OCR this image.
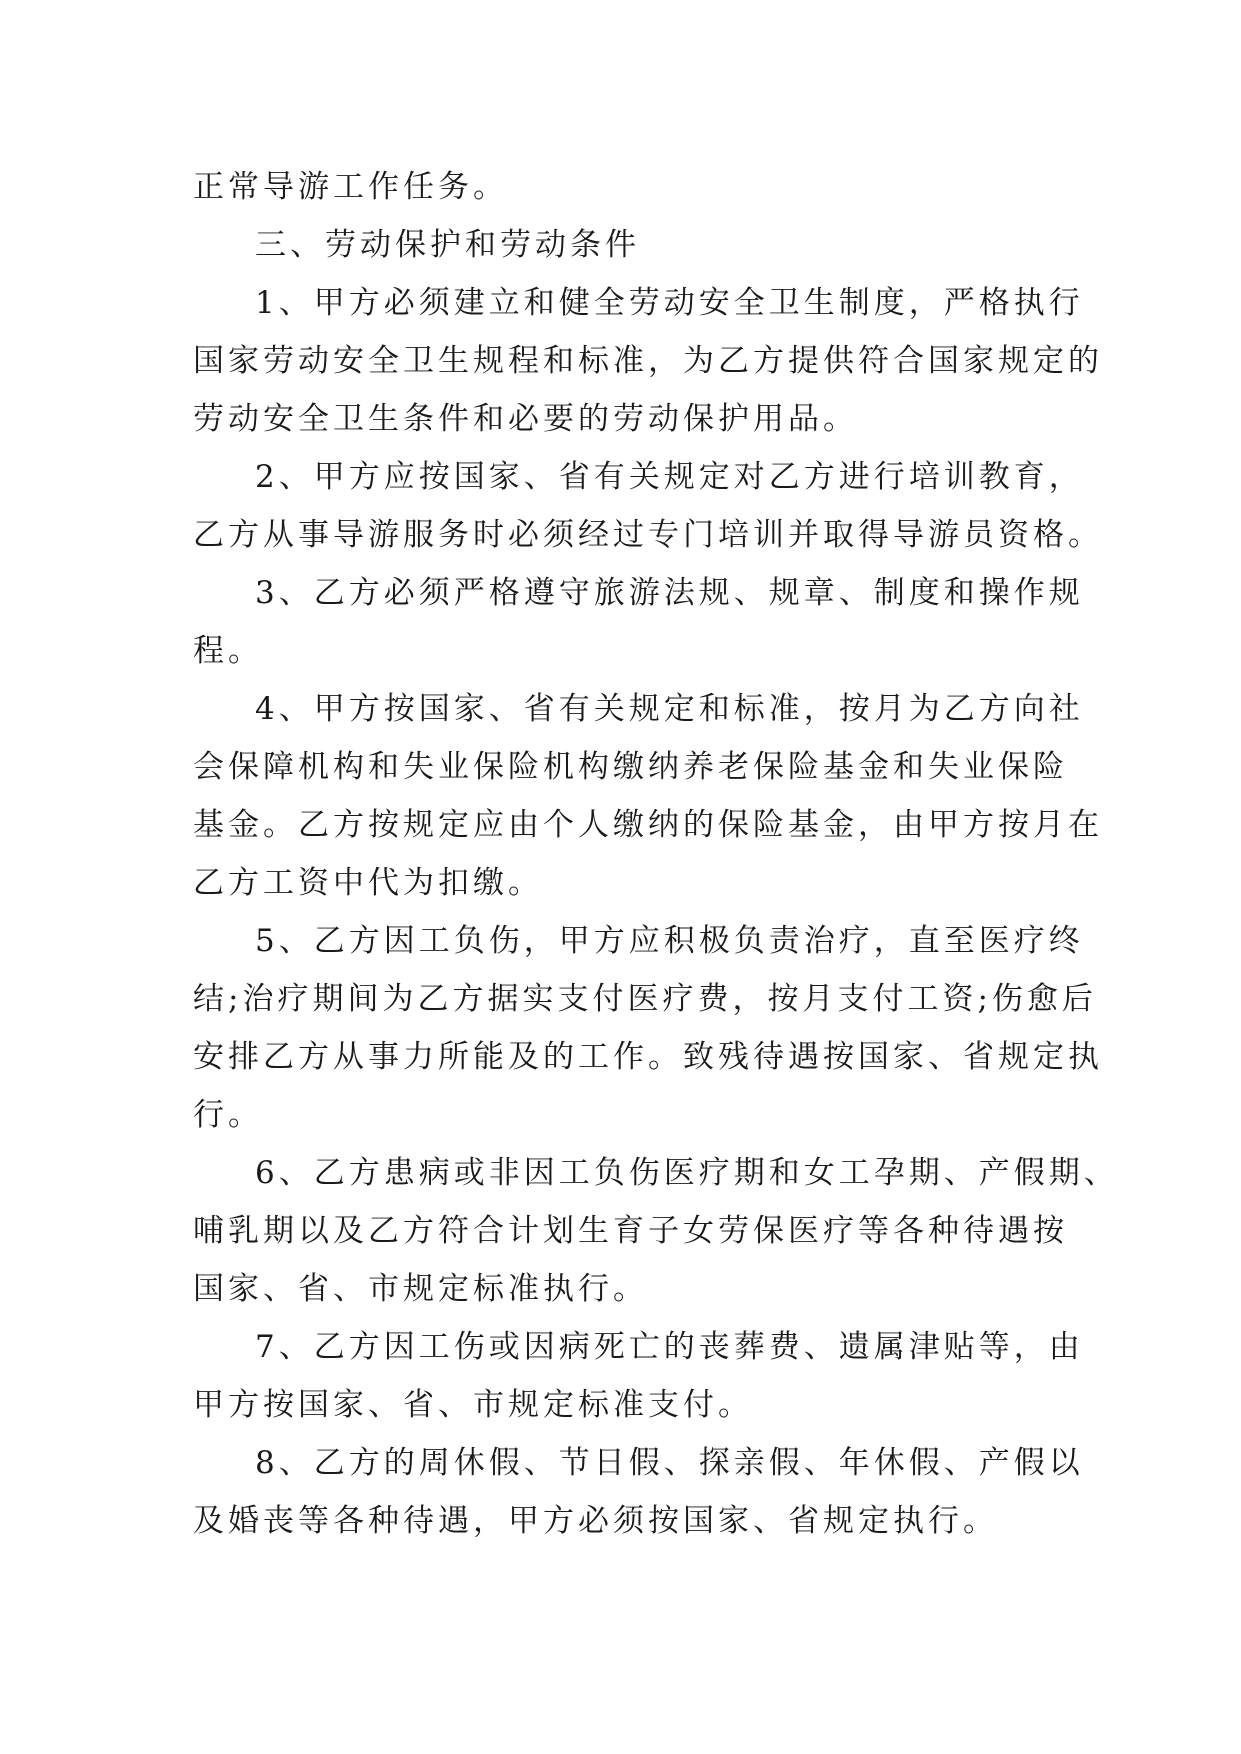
正常导游工作任务。
三、劳动保护和劳动条件
1、甲方必须建立和健全劳动安全卫生制度，严格执行
国家劳动安全卫生规程和标准，为乙方提供符合国家规定的
劳动安全卫生条件和必要的劳动保护用品。
2、甲方应按国家、省有关规定对乙方进行培训教育，
乙方从事导游服务时必须经过专门培训并取得导游员资格。
3、乙方必须严格遵守旅游法规、规章、制度和操作规
程。
4、甲方按国家、省有关规定和标准，按月为乙方向社
会保障机构和失业保险机构缴纳养老保险基金和失业保险
基金。乙方按规定应由个人缴纳的保险基金，由甲方按月在
乙方工资中代为扣缴。
5、乙方因工负伤，甲方应积极负责治疗，直至医疗终
结;治疗期间为乙方据实支付医疗费，按月支付工资;伤愈后
安排乙方从事力所能及的工作。致残待遇按国家、省规定执
行。
6、乙方患病或非因工负伤医疗期和女工孕期、产假期、
哺乳期以及乙方符合计划生育子女劳保医疗等各种待遇按
国家、省、市规定标准执行。
7、乙方因工伤或因病死亡的丧葬费、遗属津贴等，由
甲方按国家、省、市规定标准支付。
8、乙方的周休假、节日假、探亲假、年休假、产假以
及婚丧等各种待遇，甲方必须按国家、省规定执行。
